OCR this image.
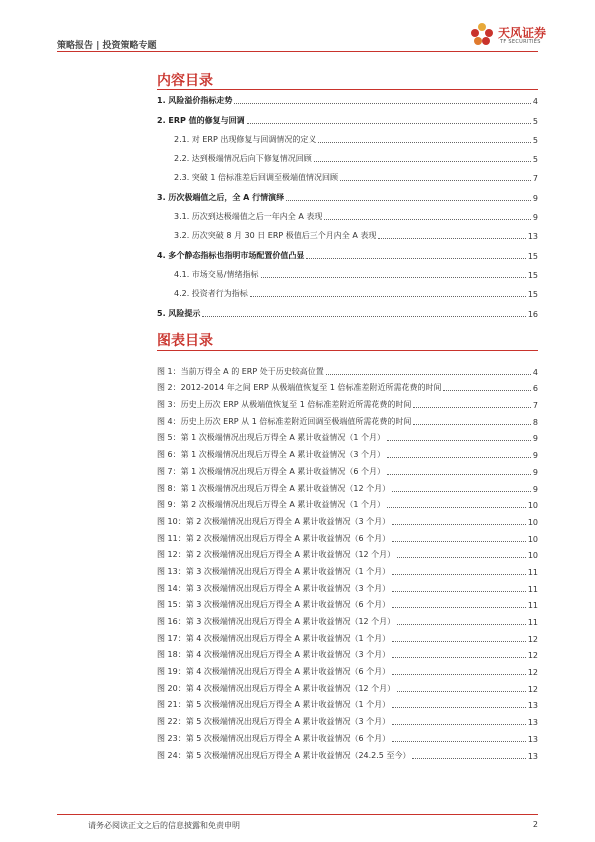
策略报告 | 投资策略专题
天风证券
TF SECURITIES
内容目录
1. 风险溢价指标走势	4
2. ERP 值的修复与回调	5
2.1. 对 ERP 出现修复与回调情况的定义	5
2.2. 达到极端情况后向下修复情况回顾	5
2.3. 突破 1 倍标准差后回调至极端值情况回顾	7
3. 历次极端值之后，全 A 行情演绎	9
3.1. 历次到达极端值之后一年内全 A 表现	9
3.2. 历次突破 8 月 30 日 ERP 极值后三个月内全 A 表现	13
4. 多个静态指标也指明市场配置价值凸显	15
4.1. 市场交易/情绪指标	15
4.2. 投资者行为指标	15
5. 风险提示	16
图表目录
图 1：当前万得全 A 的 ERP 处于历史较高位置	4
图 2：2012-2014 年之间 ERP 从极端值恢复至 1 倍标准差附近所需花费的时间	6
图 3：历史上历次 ERP 从极端值恢复至 1 倍标准差附近所需花费的时间	7
图 4：历史上历次 ERP 从 1 倍标准差附近回调至极端值所需花费的时间	8
图 5：第 1 次极端情况出现后万得全 A 累计收益情况（1 个月）	9
图 6：第 1 次极端情况出现后万得全 A 累计收益情况（3 个月）	9
图 7：第 1 次极端情况出现后万得全 A 累计收益情况（6 个月）	9
图 8：第 1 次极端情况出现后万得全 A 累计收益情况（12 个月）	9
图 9：第 2 次极端情况出现后万得全 A 累计收益情况（1 个月）	10
图 10：第 2 次极端情况出现后万得全 A 累计收益情况（3 个月）	10
图 11：第 2 次极端情况出现后万得全 A 累计收益情况（6 个月）	10
图 12：第 2 次极端情况出现后万得全 A 累计收益情况（12 个月）	10
图 13：第 3 次极端情况出现后万得全 A 累计收益情况（1 个月）	11
图 14：第 3 次极端情况出现后万得全 A 累计收益情况（3 个月）	11
图 15：第 3 次极端情况出现后万得全 A 累计收益情况（6 个月）	11
图 16：第 3 次极端情况出现后万得全 A 累计收益情况（12 个月）	11
图 17：第 4 次极端情况出现后万得全 A 累计收益情况（1 个月）	12
图 18：第 4 次极端情况出现后万得全 A 累计收益情况（3 个月）	12
图 19：第 4 次极端情况出现后万得全 A 累计收益情况（6 个月）	12
图 20：第 4 次极端情况出现后万得全 A 累计收益情况（12 个月）	12
图 21：第 5 次极端情况出现后万得全 A 累计收益情况（1 个月）	13
图 22：第 5 次极端情况出现后万得全 A 累计收益情况（3 个月）	13
图 23：第 5 次极端情况出现后万得全 A 累计收益情况（6 个月）	13
图 24：第 5 次极端情况出现后万得全 A 累计收益情况（24.2.5 至今）	13
请务必阅读正文之后的信息披露和免责申明	2
